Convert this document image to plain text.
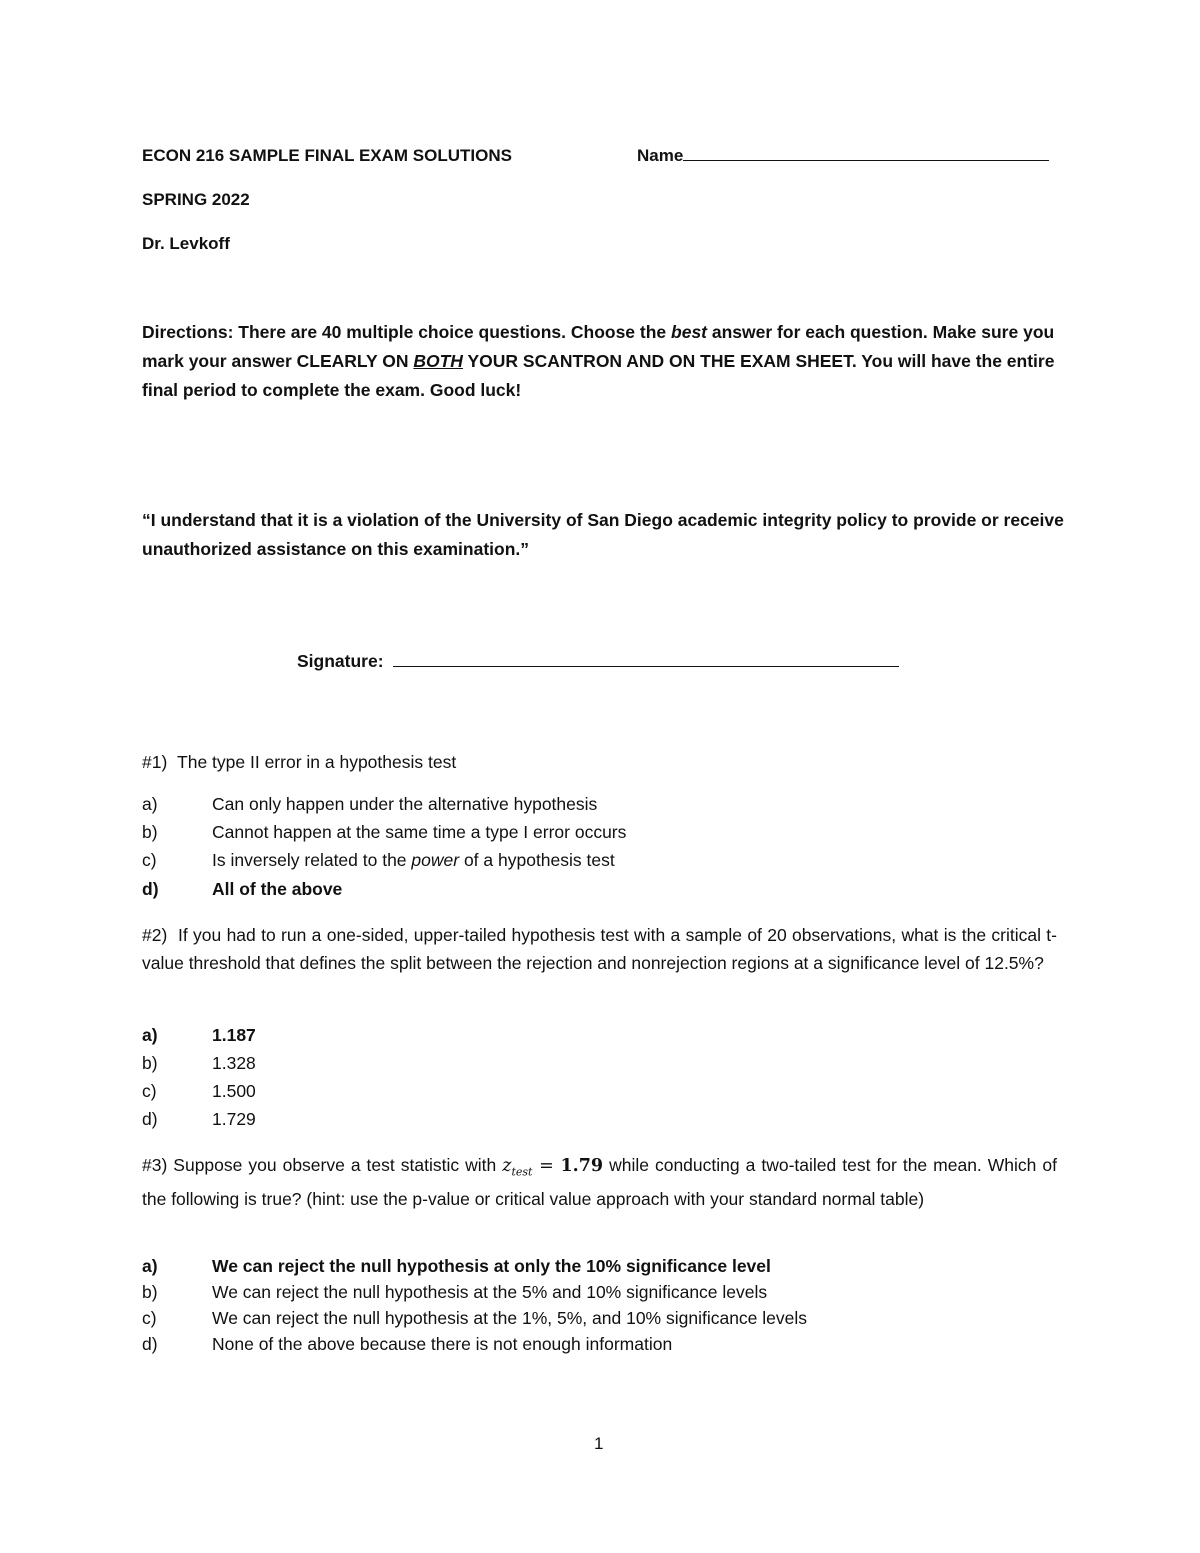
ECON 216 SAMPLE FINAL EXAM SOLUTIONS	Name
SPRING 2022
Dr. Levkoff
Directions: There are 40 multiple choice questions. Choose the best answer for each question. Make sure you mark your answer CLEARLY ON BOTH YOUR SCANTRON AND ON THE EXAM SHEET. You will have the entire final period to complete the exam. Good luck!
“I understand that it is a violation of the University of San Diego academic integrity policy to provide or receive unauthorized assistance on this examination.”
Signature:
#1) The type II error in a hypothesis test
a)	Can only happen under the alternative hypothesis
b)	Cannot happen at the same time a type I error occurs
c)	Is inversely related to the power of a hypothesis test
d)	All of the above
#2) If you had to run a one-sided, upper-tailed hypothesis test with a sample of 20 observations, what is the critical t-value threshold that defines the split between the rejection and nonrejection regions at a significance level of 12.5%?
a)	1.187
b)	1.328
c)	1.500
d)	1.729
#3) Suppose you observe a test statistic with $z_{test} = 1.79$ while conducting a two-tailed test for the mean. Which of the following is true? (hint: use the p-value or critical value approach with your standard normal table)
a)	We can reject the null hypothesis at only the 10% significance level
b)	We can reject the null hypothesis at the 5% and 10% significance levels
c)	We can reject the null hypothesis at the 1%, 5%, and 10% significance levels
d)	None of the above because there is not enough information
1
